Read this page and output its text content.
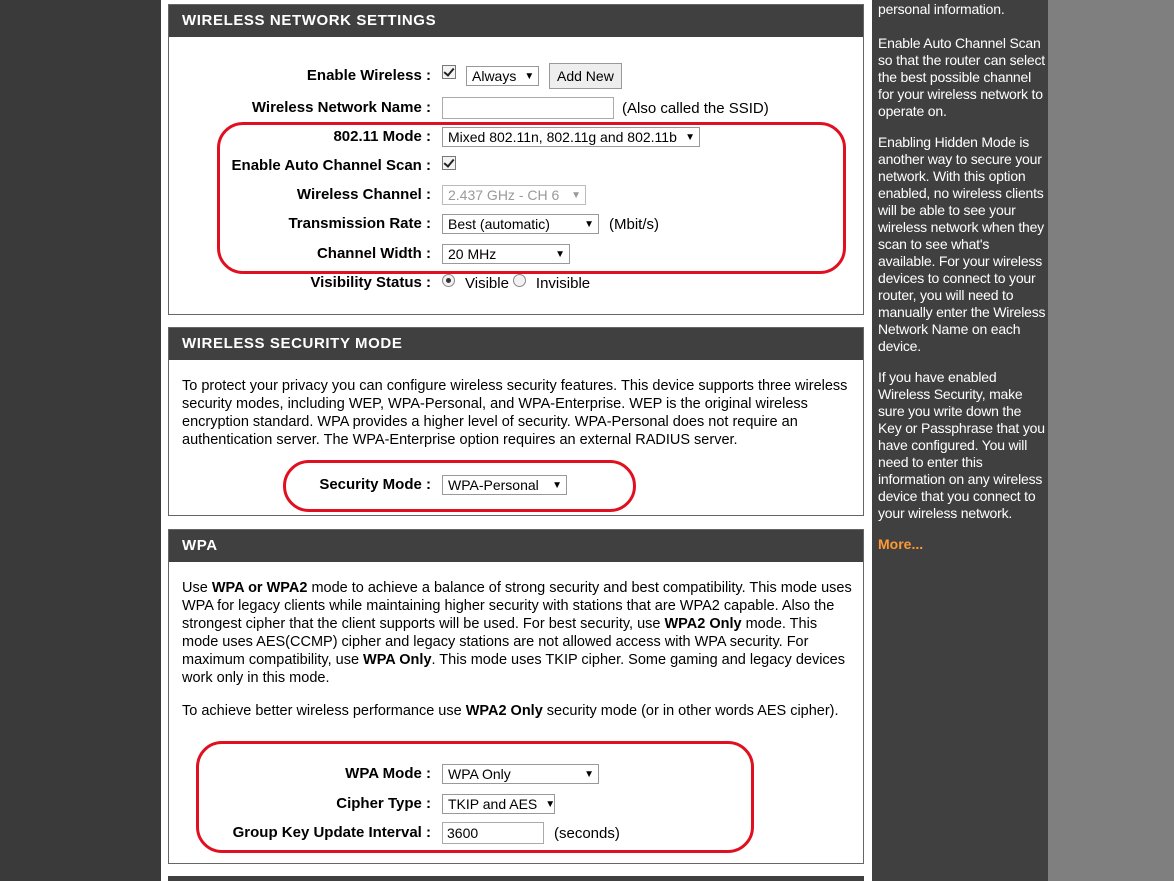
WIRELESS NETWORK SETTINGS
Enable Wireless :	Always ▼	Add New
Wireless Network Name :	(Also called the SSID)
802.11 Mode : Mixed 802.11n, 802.11g and 802.11b ▼
Enable Auto Channel Scan :
Wireless Channel : 2.437 GHz - CH 6 ▼
Transmission Rate : Best (automatic)	▼ (Mbit/s)
Channel Width : 20 MHz	▼
Visibility Status : Visible Invisible
WIRELESS SECURITY MODE
To protect your privacy you can configure wireless security features. This device supports three wireless security modes, including WEP, WPA-Personal, and WPA-Enterprise. WEP is the original wireless encryption standard. WPA provides a higher level of security. WPA-Personal does not require an authentication server. The WPA-Enterprise option requires an external RADIUS server.
Security Mode : WPA-Personal ▼
WPA
Use WPA or WPA2 mode to achieve a balance of strong security and best compatibility. This mode uses WPA for legacy clients while maintaining higher security with stations that are WPA2 capable. Also the strongest cipher that the client supports will be used. For best security, use WPA2 Only mode. This mode uses AES(CCMP) cipher and legacy stations are not allowed access with WPA security. For maximum compatibility, use WPA Only. This mode uses TKIP cipher. Some gaming and legacy devices work only in this mode.
To achieve better wireless performance use WPA2 Only security mode (or in other words AES cipher).
WPA Mode : WPA Only	▼
Cipher Type : TKIP and AES ▼
Group Key Update Interval :	3600	(seconds)

personal information.

Enable Auto Channel Scan so that the router can select the best possible channel for your wireless network to operate on.

Enabling Hidden Mode is another way to secure your network. With this option enabled, no wireless clients will be able to see your wireless network when they scan to see what's available. For your wireless devices to connect to your router, you will need to manually enter the Wireless Network Name on each device.

If you have enabled Wireless Security, make sure you write down the Key or Passphrase that you have configured. You will need to enter this information on any wireless device that you connect to your wireless network.

More...
